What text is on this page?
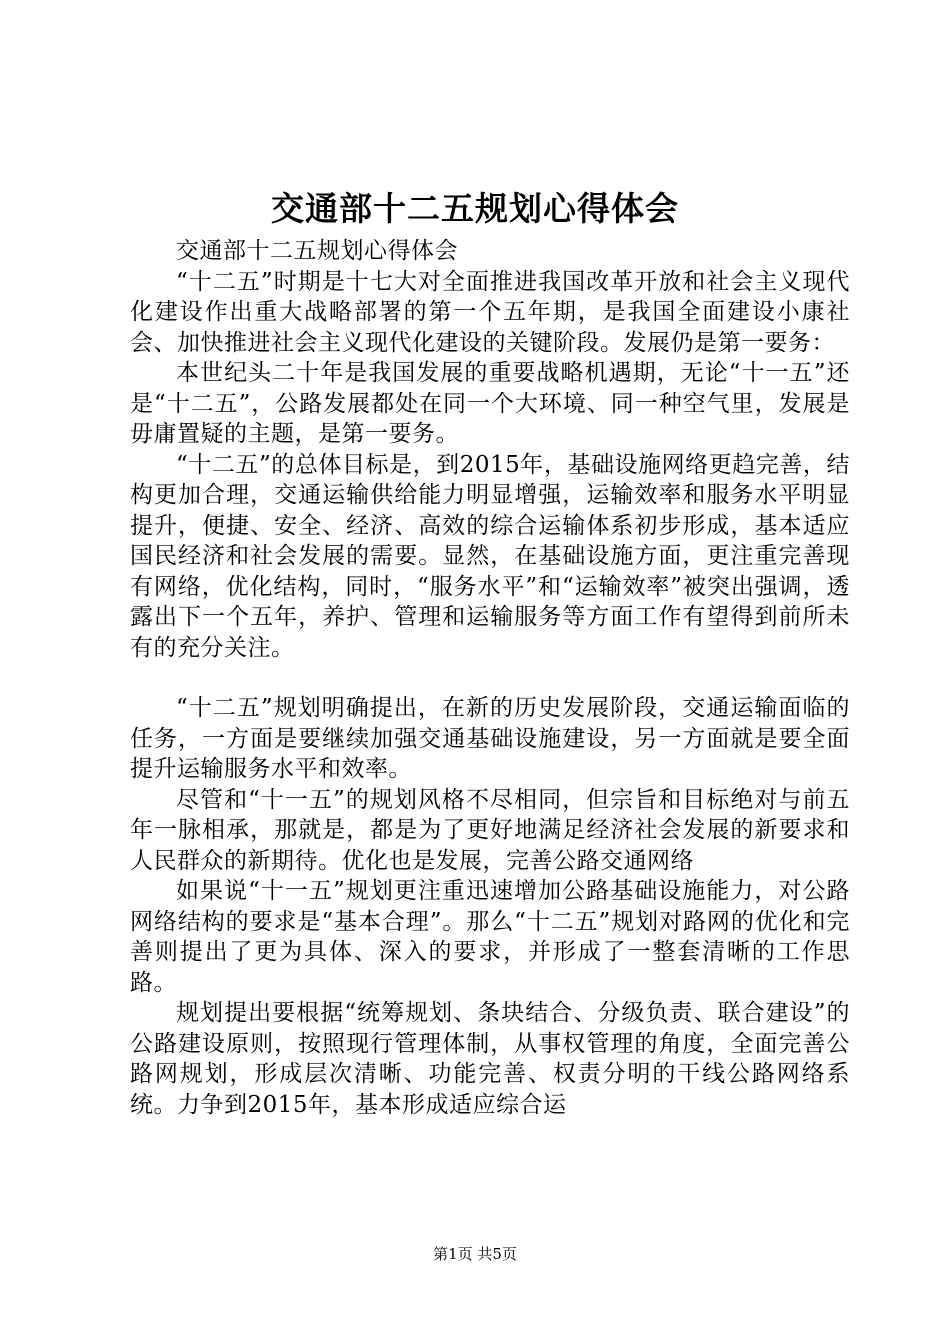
交通部十二五规划心得体会

交通部十二五规划心得体会

“十二五”时期是十七大对全面推进我国改革开放和社会主义现代化建设作出重大战略部署的第一个五年期，是我国全面建设小康社会、加快推进社会主义现代化建设的关键阶段。发展仍是第一要务：

本世纪头二十年是我国发展的重要战略机遇期，无论“十一五”还是“十二五”，公路发展都处在同一个大环境、同一种空气里，发展是毋庸置疑的主题，是第一要务。

“十二五”的总体目标是，到2015年，基础设施网络更趋完善，结构更加合理，交通运输供给能力明显增强，运输效率和服务水平明显提升，便捷、安全、经济、高效的综合运输体系初步形成，基本适应国民经济和社会发展的需要。显然，在基础设施方面，更注重完善现有网络，优化结构，同时，“服务水平”和“运输效率”被突出强调，透露出下一个五年，养护、管理和运输服务等方面工作有望得到前所未有的充分关注。

“十二五”规划明确提出，在新的历史发展阶段，交通运输面临的任务，一方面是要继续加强交通基础设施建设，另一方面就是要全面提升运输服务水平和效率。

尽管和“十一五”的规划风格不尽相同，但宗旨和目标绝对与前五年一脉相承，那就是，都是为了更好地满足经济社会发展的新要求和人民群众的新期待。优化也是发展，完善公路交通网络

如果说“十一五”规划更注重迅速增加公路基础设施能力，对公路网络结构的要求是“基本合理”。那么“十二五”规划对路网的优化和完善则提出了更为具体、深入的要求，并形成了一整套清晰的工作思路。

规划提出要根据“统筹规划、条块结合、分级负责、联合建设”的公路建设原则，按照现行管理体制，从事权管理的角度，全面完善公路网规划，形成层次清晰、功能完善、权责分明的干线公路网络系统。力争到2015年，基本形成适应综合运

第1页 共5页
